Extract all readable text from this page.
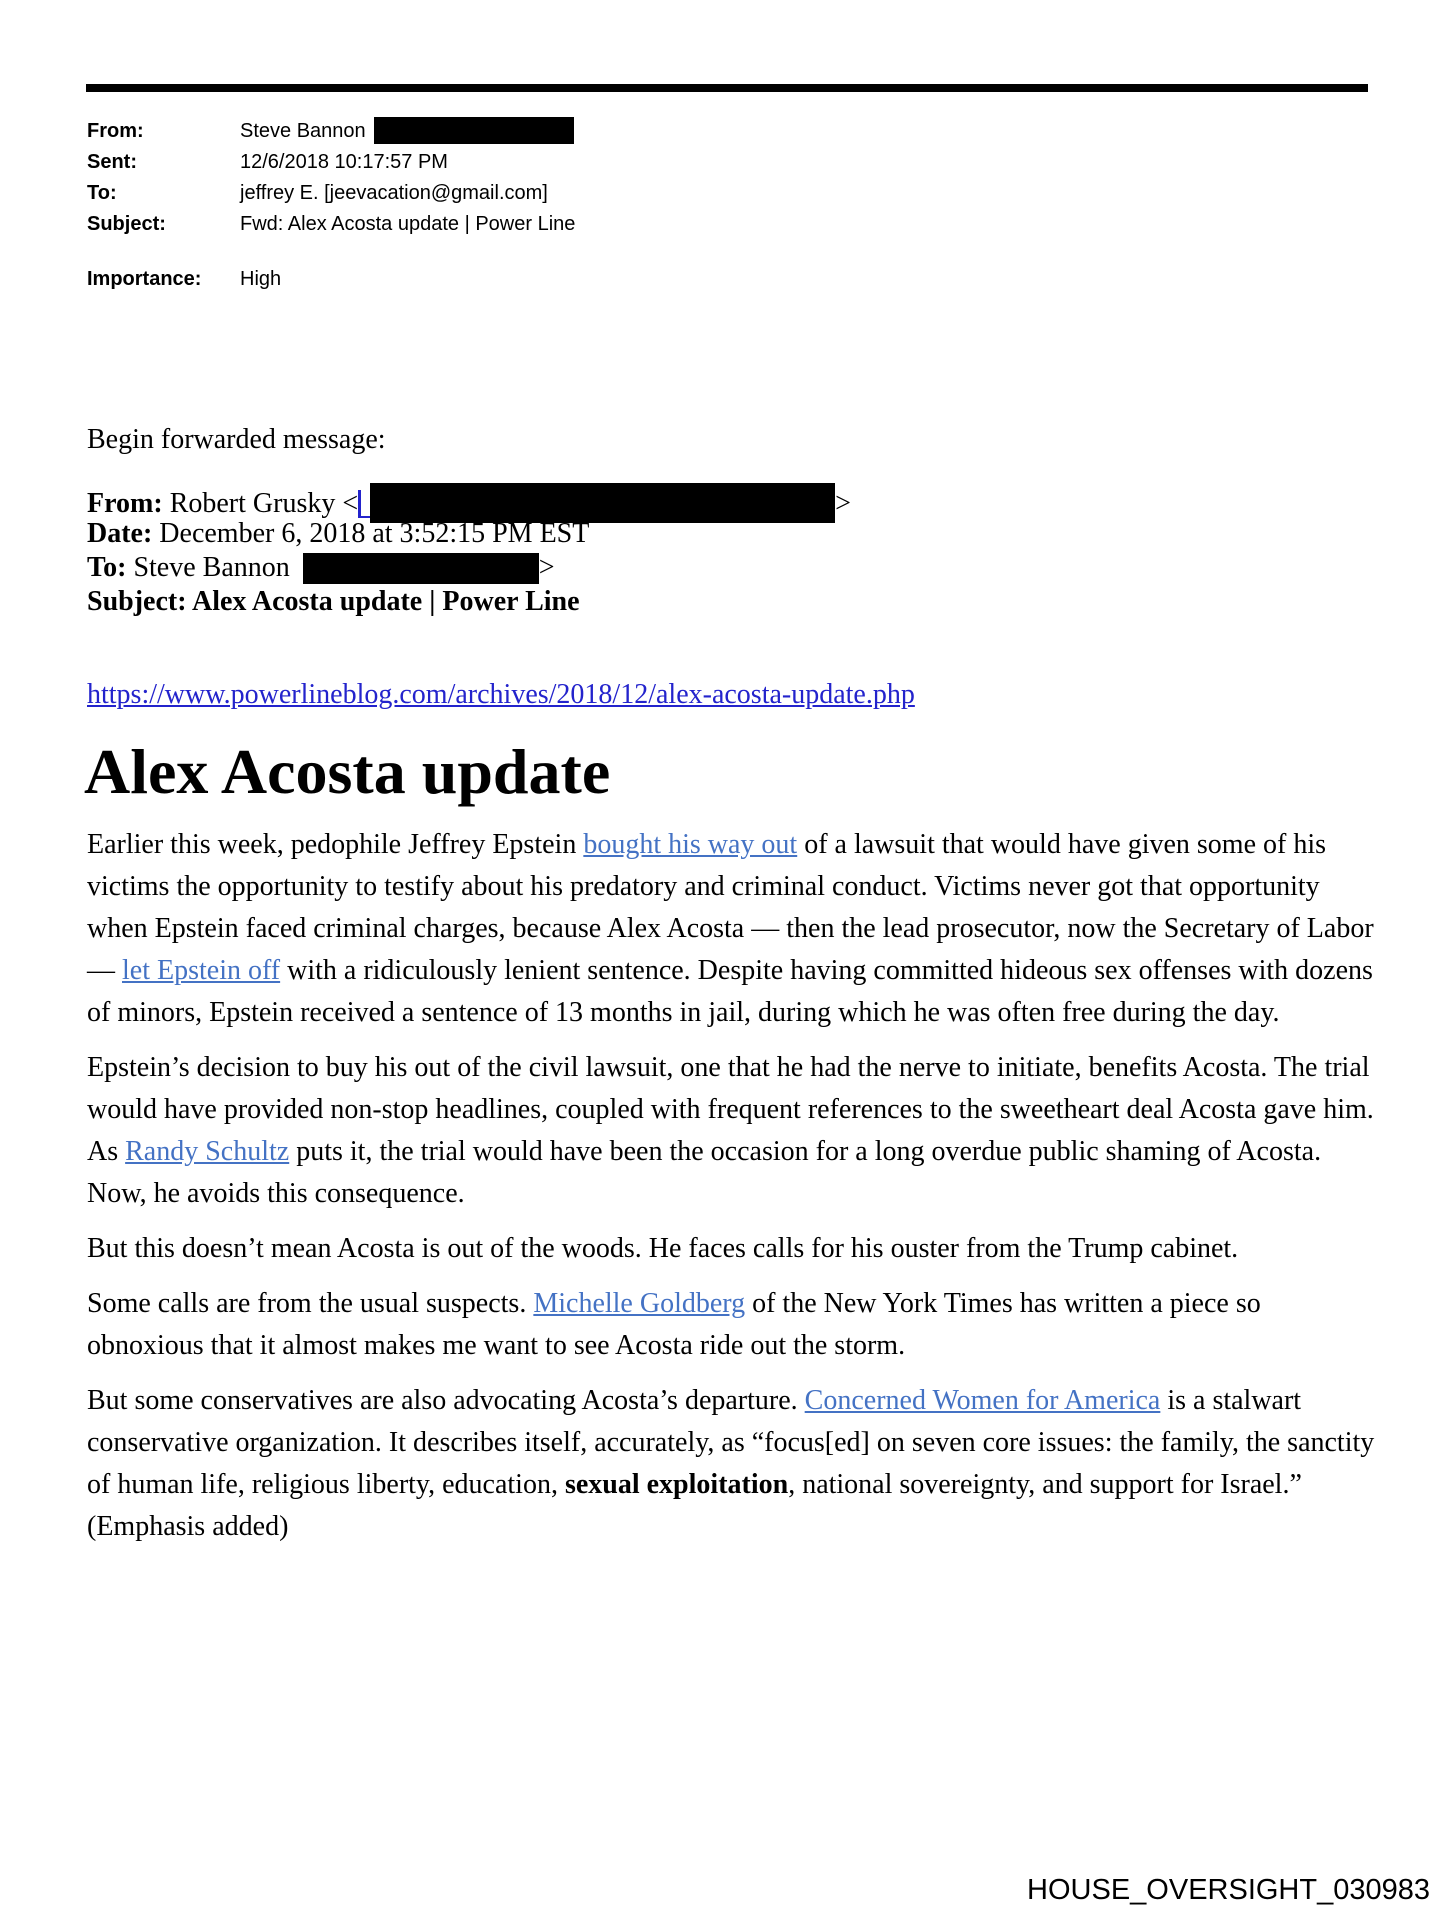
From:	Steve Bannon
Sent:	12/6/2018 10:17:57 PM
To:	jeffrey E. [jeevacation@gmail.com]
Subject:	Fwd: Alex Acosta update | Power Line
Importance: High
Begin forwarded message:
From: Robert Grusky <	>
Date: December 6, 2018 at 3:52:15 PM EST
To: Steve Bannon	>
Subject: Alex Acosta update | Power Line
https://www.powerlineblog.com/archives/2018/12/alex-acosta-update.php
Alex Acosta update

Earlier this week, pedophile Jeffrey Epstein bought his way out of a lawsuit that would have given some of his victims the opportunity to testify about his predatory and criminal conduct. Victims never got that opportunity when Epstein faced criminal charges, because Alex Acosta — then the lead prosecutor, now the Secretary of Labor — let Epstein off with a ridiculously lenient sentence. Despite having committed hideous sex offenses with dozens of minors, Epstein received a sentence of 13 months in jail, during which he was often free during the day.

Epstein’s decision to buy his out of the civil lawsuit, one that he had the nerve to initiate, benefits Acosta. The trial would have provided non-stop headlines, coupled with frequent references to the sweetheart deal Acosta gave him. As Randy Schultz puts it, the trial would have been the occasion for a long overdue public shaming of Acosta. Now, he avoids this consequence.

But this doesn’t mean Acosta is out of the woods. He faces calls for his ouster from the Trump cabinet.

Some calls are from the usual suspects. Michelle Goldberg of the New York Times has written a piece so obnoxious that it almost makes me want to see Acosta ride out the storm.

But some conservatives are also advocating Acosta’s departure. Concerned Women for America is a stalwart conservative organization. It describes itself, accurately, as “focus[ed] on seven core issues: the family, the sanctity of human life, religious liberty, education, sexual exploitation, national sovereignty, and support for Israel.” (Emphasis added)

HOUSE_OVERSIGHT_030983
